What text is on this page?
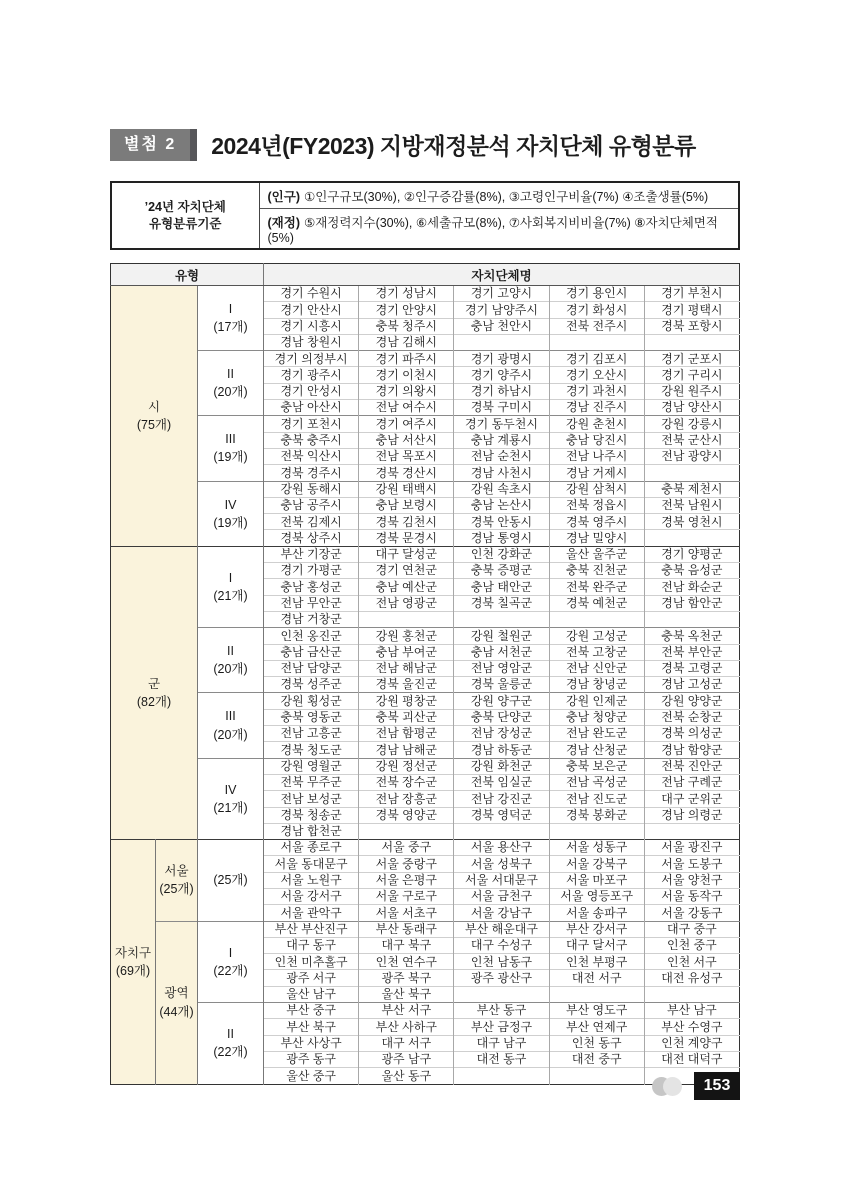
별첨 2	2024년(FY2023) 지방재정분석 자치단체 유형분류
’24년 자치단체
유형분류기준
	(인구) ①인구규모(30%), ②인구증감률(8%), ③고령인구비율(7%) ④조출생률(5%)
(재정) ⑤재정력지수(30%), ⑥세출규모(8%), ⑦사회복지비비율(7%) ⑧자치단체면적(5%)
유형			자치단체명				

시
(75개)		I
(17개)	경기 수원시	경기 성남시	경기 고양시	경기 용인시	경기 부천시
			경기 안산시	경기 안양시	경기 남양주시	경기 화성시	경기 평택시
			경기 시흥시	충북 청주시	충남 천안시	전북 전주시	경북 포항시
			경남 창원시	경남 김해시			

		II
(20개)	경기 의정부시	경기 파주시	경기 광명시	경기 김포시	경기 군포시
			경기 광주시	경기 이천시	경기 양주시	경기 오산시	경기 구리시
			경기 안성시	경기 의왕시	경기 하남시	경기 과천시	강원 원주시
			충남 아산시	전남 여수시	경북 구미시	경남 진주시	경남 양산시

		III
(19개)	경기 포천시	경기 여주시	경기 동두천시	강원 춘천시	강원 강릉시
			충북 충주시	충남 서산시	충남 계룡시	충남 당진시	전북 군산시
			전북 익산시	전남 목포시	전남 순천시	전남 나주시	전남 광양시
			경북 경주시	경북 경산시	경남 사천시	경남 거제시	

		IV
(19개)	강원 동해시	강원 태백시	강원 속초시	강원 삼척시	충북 제천시
			충남 공주시	충남 보령시	충남 논산시	전북 정읍시	전북 남원시
			전북 김제시	경북 김천시	경북 안동시	경북 영주시	경북 영천시
			경북 상주시	경북 문경시	경남 통영시	경남 밀양시	

군
(82개)		I
(21개)	부산 기장군	대구 달성군	인천 강화군	울산 울주군	경기 양평군
			경기 가평군	경기 연천군	충북 증평군	충북 진천군	충북 음성군
			충남 홍성군	충남 예산군	충남 태안군	전북 완주군	전남 화순군
			전남 무안군	전남 영광군	경북 칠곡군	경북 예천군	경남 함안군
			경남 거창군				

		II
(20개)	인천 옹진군	강원 홍천군	강원 철원군	강원 고성군	충북 옥천군
			충남 금산군	충남 부여군	충남 서천군	전북 고창군	전북 부안군
			전남 담양군	전남 해남군	전남 영암군	전남 신안군	경북 고령군
			경북 성주군	경북 울진군	경북 울릉군	경남 창녕군	경남 고성군

		III
(20개)	강원 횡성군	강원 평창군	강원 양구군	강원 인제군	강원 양양군
			충북 영동군	충북 괴산군	충북 단양군	충남 청양군	전북 순창군
			전남 고흥군	전남 함평군	전남 장성군	전남 완도군	경북 의성군
			경북 청도군	경남 남해군	경남 하동군	경남 산청군	경남 함양군

		IV
(21개)	강원 영월군	강원 정선군	강원 화천군	충북 보은군	전북 진안군
			전북 무주군	전북 장수군	전북 임실군	전남 곡성군	전남 구례군
			전남 보성군	전남 장흥군	전남 강진군	전남 진도군	대구 군위군
			경북 청송군	경북 영양군	경북 영덕군	경북 봉화군	경남 의령군
			경남 합천군				

자치구
(69개)	서울
(25개)	(25개)	서울 종로구	서울 중구	서울 용산구	서울 성동구	서울 광진구
			서울 동대문구	서울 중랑구	서울 성북구	서울 강북구	서울 도봉구
			서울 노원구	서울 은평구	서울 서대문구	서울 마포구	서울 양천구
			서울 강서구	서울 구로구	서울 금천구	서울 영등포구	서울 동작구
			서울 관악구	서울 서초구	서울 강남구	서울 송파구	서울 강동구

	광역
(44개)	I
(22개)	부산 부산진구	부산 동래구	부산 해운대구	부산 강서구	대구 중구
			대구 동구	대구 북구	대구 수성구	대구 달서구	인천 중구
			인천 미추홀구	인천 연수구	인천 남동구	인천 부평구	인천 서구
			광주 서구	광주 북구	광주 광산구	대전 서구	대전 유성구
			울산 남구	울산 북구			

		II
(22개)	부산 중구	부산 서구	부산 동구	부산 영도구	부산 남구
			부산 북구	부산 사하구	부산 금정구	부산 연제구	부산 수영구
			부산 사상구	대구 서구	대구 남구	인천 동구	인천 계양구
			광주 동구	광주 남구	대전 동구	대전 중구	대전 대덕구
			울산 중구	울산 동구			
153
